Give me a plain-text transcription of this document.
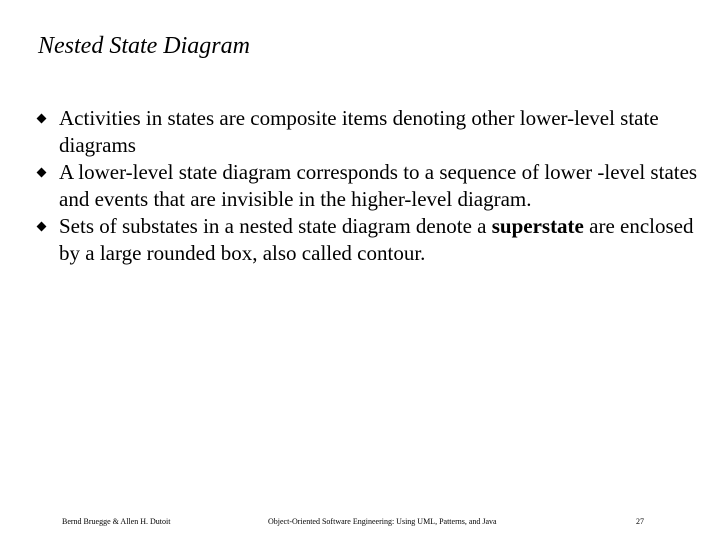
Nested State Diagram
Activities in states are composite items denoting other lower-level state diagrams
A lower-level state diagram corresponds to a sequence of lower -level states and events that are invisible in the higher-level diagram.
Sets of substates in a nested state diagram denote a superstate are enclosed by a large rounded box, also called contour.
Bernd Bruegge & Allen H. Dutoit	Object-Oriented Software Engineering: Using UML, Patterns, and Java	27
